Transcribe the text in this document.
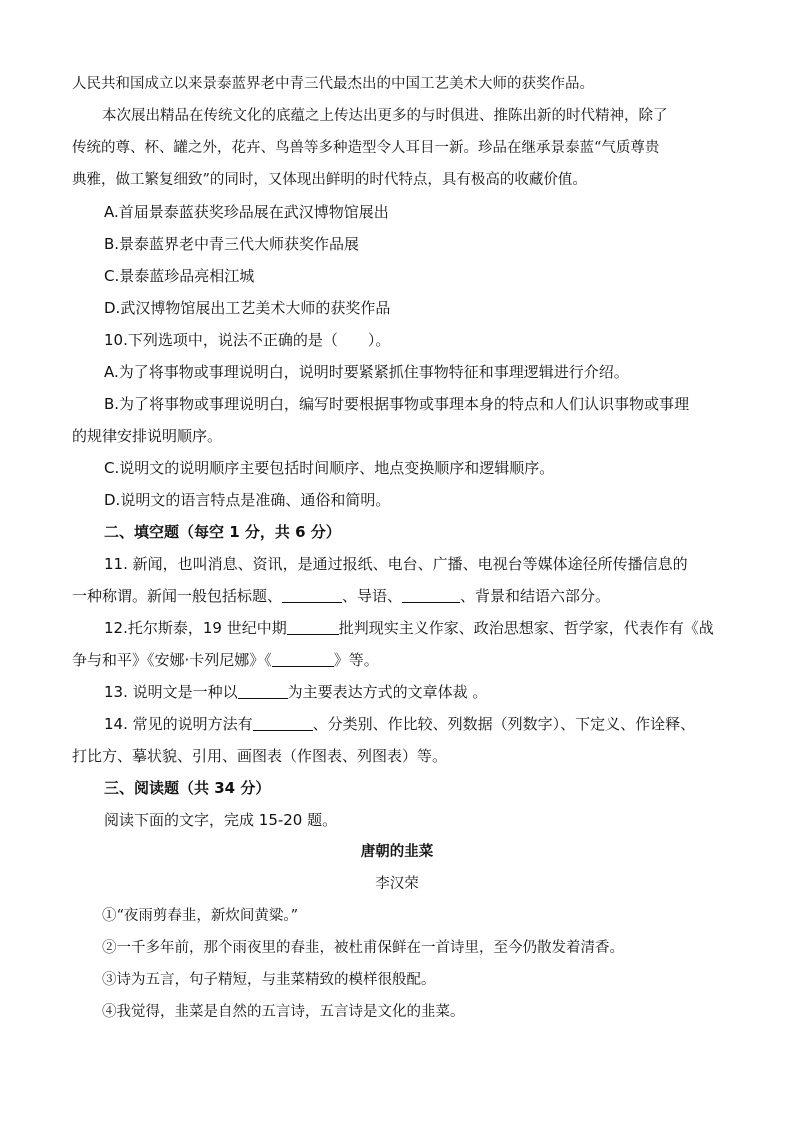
人民共和国成立以来景泰蓝界老中青三代最杰出的中国工艺美术大师的获奖作品。
本次展出精品在传统文化的底蕴之上传达出更多的与时俱进、推陈出新的时代精神，除了
传统的尊、杯、罐之外，花卉、鸟兽等多种造型令人耳目一新。珍品在继承景泰蓝“气质尊贵
典雅，做工繁复细致”的同时，又体现出鲜明的时代特点，具有极高的收藏价值。
A.首届景泰蓝获奖珍品展在武汉博物馆展出
B.景泰蓝界老中青三代大师获奖作品展
C.景泰蓝珍品亮相江城
D.武汉博物馆展出工艺美术大师的获奖作品
10.下列选项中，说法不正确的是（　　）。
A.为了将事物或事理说明白，说明时要紧紧抓住事物特征和事理逻辑进行介绍。
B.为了将事物或事理说明白，编写时要根据事物或事理本身的特点和人们认识事物或事理
的规律安排说明顺序。
C.说明文的说明顺序主要包括时间顺序、地点变换顺序和逻辑顺序。
D.说明文的语言特点是准确、通俗和简明。
二、填空题（每空 1 分，共 6 分）
11. 新闻，也叫消息、资讯，是通过报纸、电台、广播、电视台等媒体途径所传播信息的
一种称谓。新闻一般包括标题、	、导语、	、背景和结语六部分。
12.托尔斯泰，19 世纪中期	批判现实主义作家、政治思想家、哲学家，代表作有《战
争与和平》《安娜·卡列尼娜》《	》等。
13. 说明文是一种以	为主要表达方式的文章体裁 。
14. 常见的说明方法有	、分类别、作比较、列数据（列数字）、下定义、作诠释、
打比方、摹状貌、引用、画图表（作图表、列图表）等。
三、阅读题（共 34 分）
阅读下面的文字，完成 15-20 题。
唐朝的韭菜
李汉荣
①“夜雨剪春韭，新炊间黄粱。”
②一千多年前，那个雨夜里的春韭，被杜甫保鲜在一首诗里，至今仍散发着清香。
③诗为五言，句子精短，与韭菜精致的模样很般配。
④我觉得，韭菜是自然的五言诗，五言诗是文化的韭菜。
